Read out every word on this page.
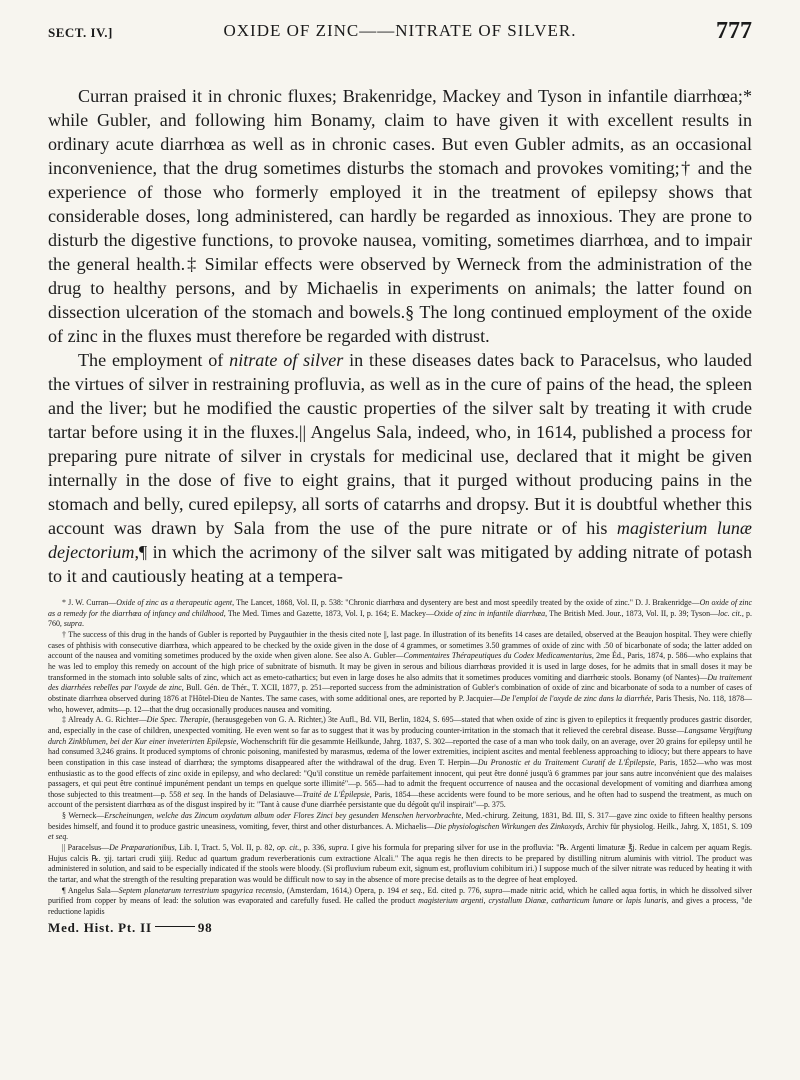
SECT. IV.]	OXIDE OF ZINC——NITRATE OF SILVER.	777

Curran praised it in chronic fluxes; Brakenridge, Mackey and Tyson in infantile diarrhœa;* while Gubler, and following him Bonamy, claim to have given it with excellent results in ordinary acute diarrhœa as well as in chronic cases. But even Gubler admits, as an occasional inconvenience, that the drug sometimes disturbs the stomach and provokes vomiting;† and the experience of those who formerly employed it in the treatment of epilepsy shows that considerable doses, long administered, can hardly be regarded as innoxious. They are prone to disturb the digestive functions, to provoke nausea, vomiting, sometimes diarrhœa, and to impair the general health.‡ Similar effects were observed by Werneck from the administration of the drug to healthy persons, and by Michaelis in experiments on animals; the latter found on dissection ulceration of the stomach and bowels.§ The long continued employment of the oxide of zinc in the fluxes must therefore be regarded with distrust.

The employment of nitrate of silver in these diseases dates back to Paracelsus, who lauded the virtues of silver in restraining profluvia, as well as in the cure of pains of the head, the spleen and the liver; but he modified the caustic properties of the silver salt by treating it with crude tartar before using it in the fluxes.|| Angelus Sala, indeed, who, in 1614, published a process for preparing pure nitrate of silver in crystals for medicinal use, declared that it might be given internally in the dose of five to eight grains, that it purged without producing pains in the stomach and belly, cured epilepsy, all sorts of catarrhs and dropsy. But it is doubtful whether this account was drawn by Sala from the use of the pure nitrate or of his magisterium lunæ dejectorium,¶ in which the acrimony of the silver salt was mitigated by adding nitrate of potash to it and cautiously heating at a tempera-

* J. W. Curran—Oxide of zinc as a therapeutic agent, The Lancet, 1868, Vol. II, p. 538: "Chronic diarrhœa and dysentery are best and most speedily treated by the oxide of zinc." D. J. Brakenridge—On oxide of zinc as a remedy for the diarrhœa of infancy and childhood, The Med. Times and Gazette, 1873, Vol. I, p. 164; E. Mackey—Oxide of zinc in infantile diarrhœa, The British Med. Jour., 1873, Vol. II, p. 39; Tyson—loc. cit., p. 760, supra.

† The success of this drug in the hands of Gubler is reported by Puygauthier in the thesis cited note ||, last page. In illustration of its benefits 14 cases are detailed, observed at the Beaujon hospital. They were chiefly cases of phthisis with consecutive diarrhœa, which appeared to be checked by the oxide given in the dose of 4 grammes, or sometimes 3.50 grammes of oxide of zinc with .50 of bicarbonate of soda; the latter added on account of the nausea and vomiting sometimes produced by the oxide when given alone. See also A. Gubler—Commentaires Thérapeutiques du Codex Medicamentarius, 2me Éd., Paris, 1874, p. 586—who explains that he was led to employ this remedy on account of the high price of subnitrate of bismuth. It may be given in serous and bilious diarrhœas provided it is used in large doses, for he admits that in small doses it may be transformed in the stomach into soluble salts of zinc, which act as emeto-cathartics; but even in large doses he also admits that it sometimes produces vomiting and diarrhœic stools. Bonamy (of Nantes)—Du traitement des diarrhées rebelles par l'oxyde de zinc, Bull. Gén. de Thér., T. XCII, 1877, p. 251—reported success from the administration of Gubler's combination of oxide of zinc and bicarbonate of soda to a number of cases of obstinate diarrhœa observed during 1876 at l'Hôtel-Dieu de Nantes. The same cases, with some additional ones, are reported by P. Jacquier—De l'emploi de l'oxyde de zinc dans la diarrhée, Paris Thesis, No. 118, 1878—who, however, admits—p. 12—that the drug occasionally produces nausea and vomiting.

‡ Already A. G. Richter—Die Spec. Therapie, (herausgegeben von G. A. Richter,) 3te Aufl., Bd. VII, Berlin, 1824, S. 695—stated that when oxide of zinc is given to epileptics it frequently produces gastric disorder, and, especially in the case of children, unexpected vomiting. He even went so far as to suggest that it was by producing counter-irritation in the stomach that it relieved the cerebral disease. Busse—Langsame Vergiftung durch Zinkblumen, bei der Kur einer inveterirten Epilepsie, Wochenschrift für die gesammte Heilkunde, Jahrg. 1837, S. 302—reported the case of a man who took daily, on an average, over 20 grains for epilepsy until he had consumed 3,246 grains. It produced symptoms of chronic poisoning, manifested by marasmus, œdema of the lower extremities, incipient ascites and mental feebleness approaching to idiocy; but there appears to have been constipation in this case instead of diarrhœa; the symptoms disappeared after the withdrawal of the drug. Even T. Herpin—Du Pronostic et du Traitement Curatif de L'Épilepsie, Paris, 1852—who was most enthusiastic as to the good effects of zinc oxide in epilepsy, and who declared: "Qu'il constitue un remède parfaitement innocent, qui peut être donné jusqu'à 6 grammes par jour sans autre inconvénient que des malaises passagers, et qui peut être continué impunément pendant un temps en quelque sorte illimité"—p. 565—had to admit the frequent occurrence of nausea and the occasional development of vomiting and diarrhœa among those subjected to this treatment—p. 558 et seq. In the hands of Delasiauve—Traité de L'Épilepsie, Paris, 1854—these accidents were found to be more serious, and he often had to suspend the treatment, as much on account of the persistent diarrhœa as of the disgust inspired by it: "Tant à cause d'une diarrhée persistante que du dégoût qu'il inspirait"—p. 375.

§ Werneck—Erscheinungen, welche das Zincum oxydatum album oder Flores Zinci bey gesunden Menschen hervorbrachte, Med.-chirurg. Zeitung, 1831, Bd. III, S. 317—gave zinc oxide to fifteen healthy persons besides himself, and found it to produce gastric uneasiness, vomiting, fever, thirst and other disturbances. A. Michaelis—Die physiologischen Wirkungen des Zinkoxyds, Archiv für physiolog. Heilk., Jahrg. X, 1851, S. 109 et seq.

|| Paracelsus—De Præparationibus, Lib. I, Tract. 5, Vol. II, p. 82, op. cit., p. 336, supra. I give his formula for preparing silver for use in the profluvia: "℞. Argenti limaturæ ℥j. Redue in calcem per aquam Regis. Hujus calcis ℞. ʒij. tartari crudi ʒiiij. Reduc ad quartum gradum reverberationis cum extractione Alcali." The aqua regis he then directs to be prepared by distilling nitrum aluminis with vitriol. The product was administered in solution, and said to be especially indicated if the stools were bloody. (Si profluvium rubeum exit, signum est, profluvium cohibitum iri.) I suppose much of the silver nitrate was reduced by heating it with the tartar, and what the strength of the resulting preparation was would be difficult now to say in the absence of more precise details as to the degree of heat employed.

¶ Angelus Sala—Septem planetarum terrestrium spagyrica recensio, (Amsterdam, 1614,) Opera, p. 194 et seq., Ed. cited p. 776, supra—made nitric acid, which he called aqua fortis, in which he dissolved silver purified from copper by means of lead: the solution was evaporated and carefully fused. He called the product magisterium argenti, crystallum Dianæ, catharticum lunare or lapis lunaris, and gives a process, "de reductione lapidis

Med. Hist. Pt. II	98
